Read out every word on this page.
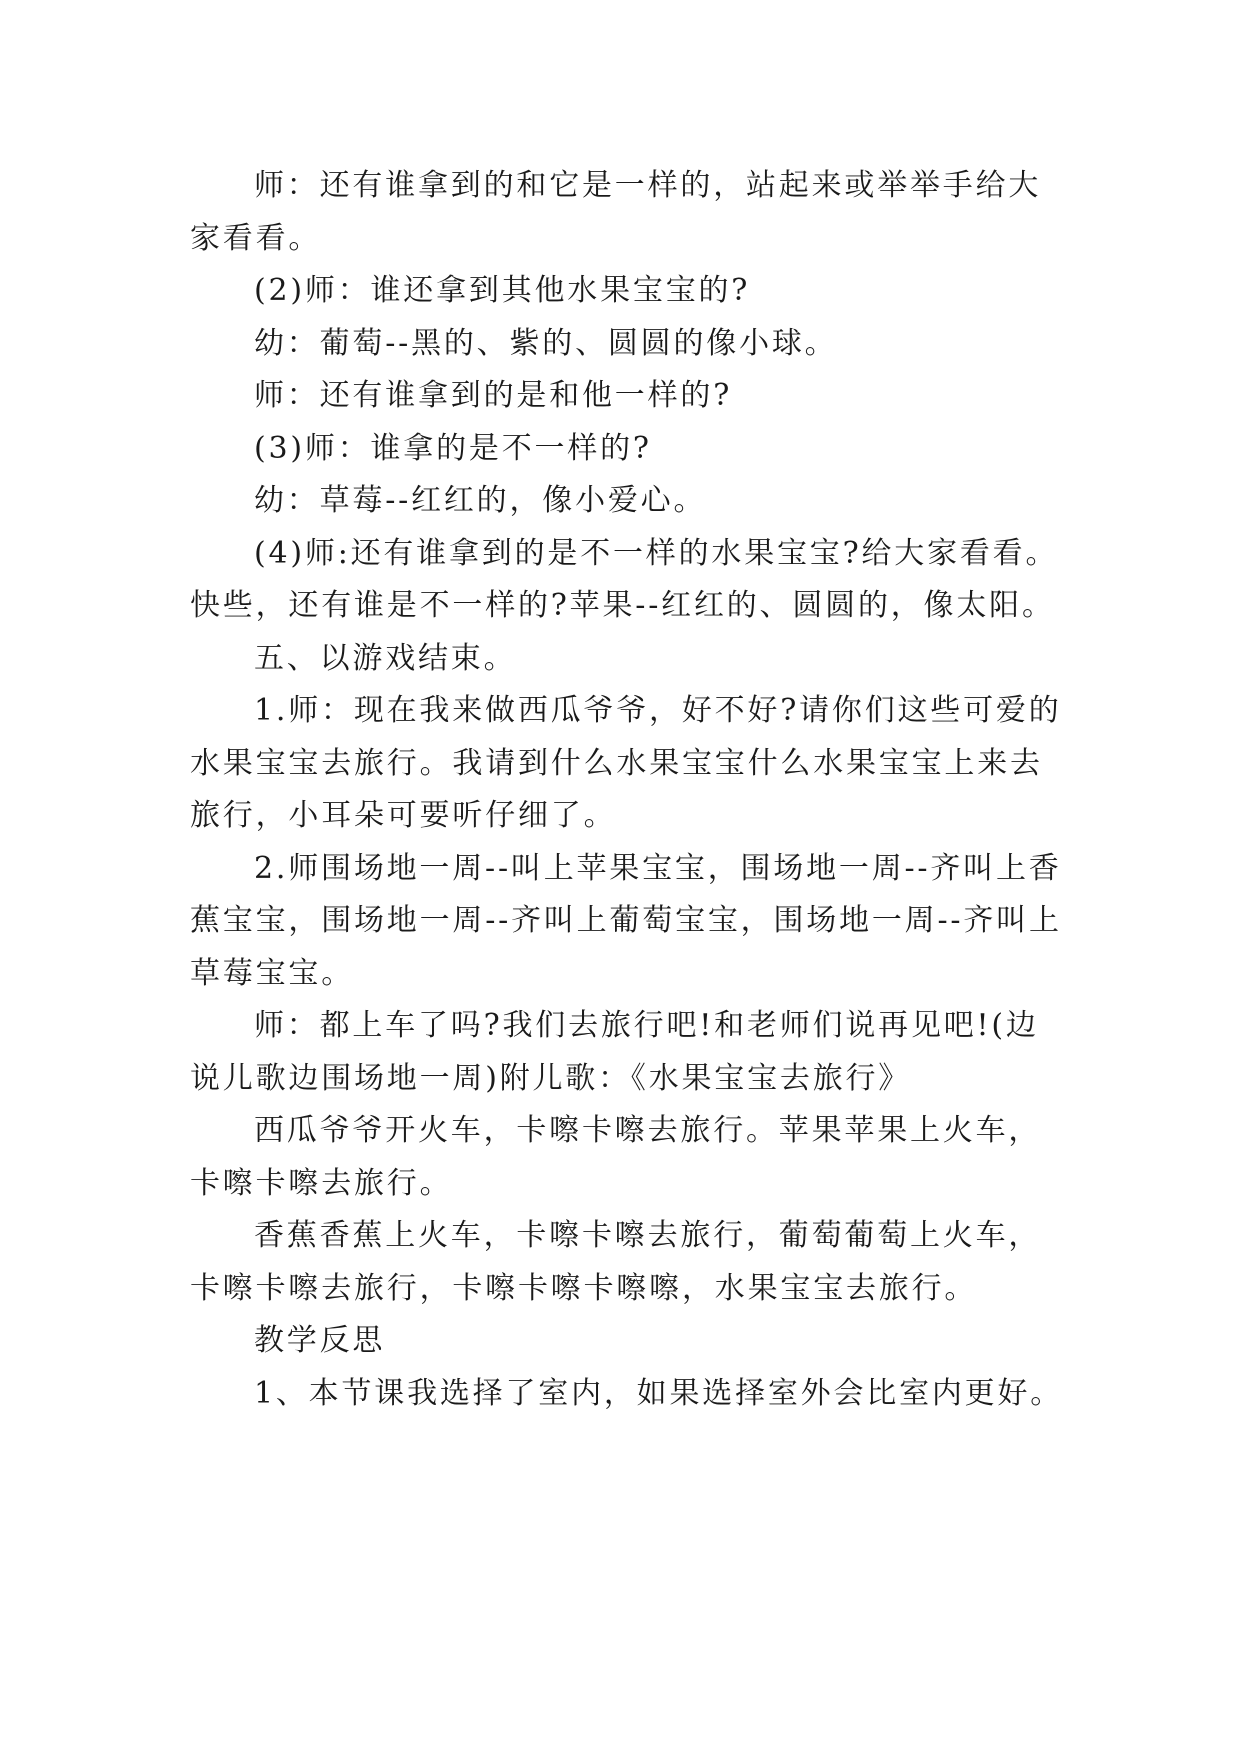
师：还有谁拿到的和它是一样的，站起来或举举手给大家看看。

(2)师：谁还拿到其他水果宝宝的?

幼：葡萄--黑的、紫的、圆圆的像小球。

师：还有谁拿到的是和他一样的?

(3)师：谁拿的是不一样的?

幼：草莓--红红的，像小爱心。

(4)师:还有谁拿到的是不一样的水果宝宝?给大家看看。快些，还有谁是不一样的?苹果--红红的、圆圆的，像太阳。

五、以游戏结束。

1.师：现在我来做西瓜爷爷，好不好?请你们这些可爱的水果宝宝去旅行。我请到什么水果宝宝什么水果宝宝上来去旅行，小耳朵可要听仔细了。

2.师围场地一周--叫上苹果宝宝，围场地一周--齐叫上香蕉宝宝，围场地一周--齐叫上葡萄宝宝，围场地一周--齐叫上草莓宝宝。

师：都上车了吗?我们去旅行吧!和老师们说再见吧!(边说儿歌边围场地一周)附儿歌：《水果宝宝去旅行》

西瓜爷爷开火车，卡嚓卡嚓去旅行。苹果苹果上火车，卡嚓卡嚓去旅行。

香蕉香蕉上火车，卡嚓卡嚓去旅行，葡萄葡萄上火车，卡嚓卡嚓去旅行，卡嚓卡嚓卡嚓嚓，水果宝宝去旅行。

教学反思

1、本节课我选择了室内，如果选择室外会比室内更好。
